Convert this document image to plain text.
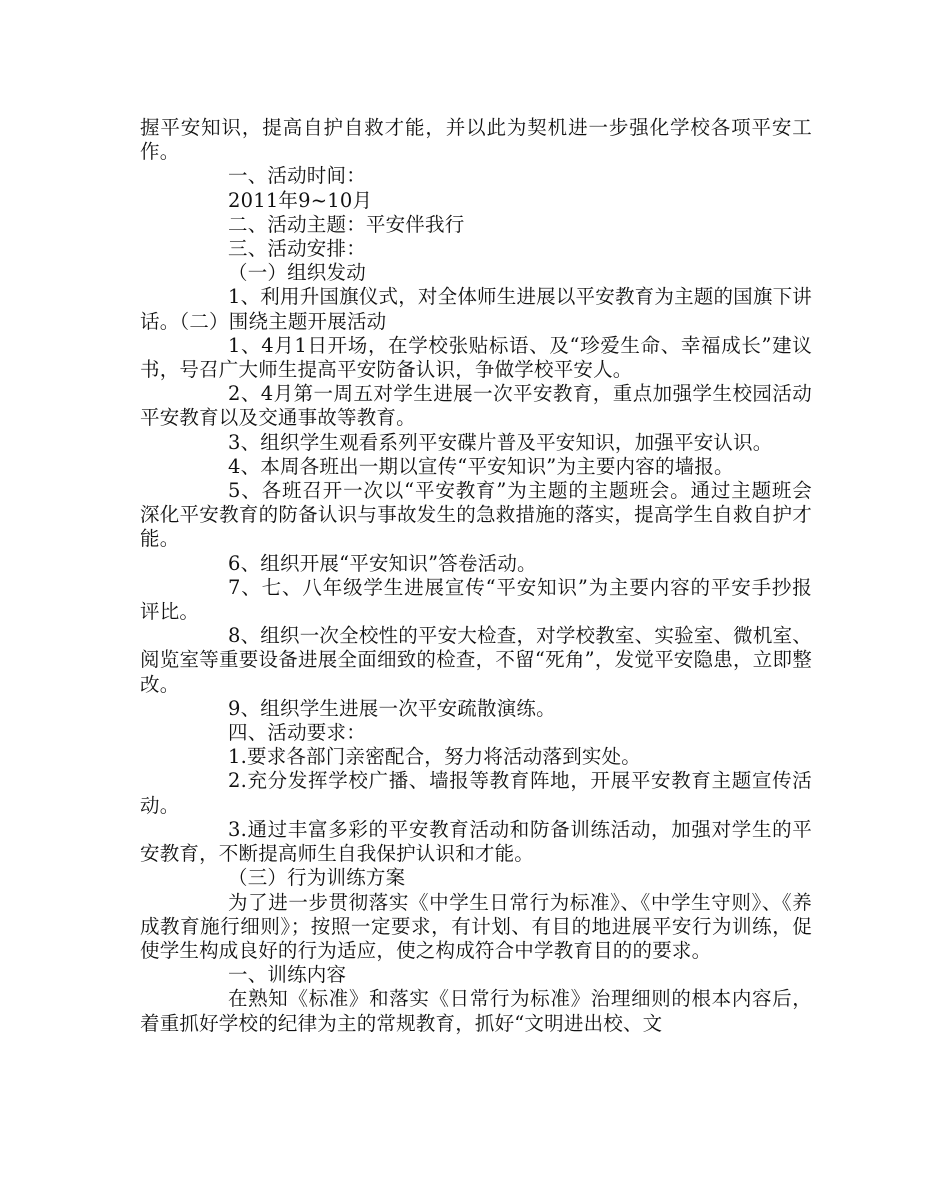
握平安知识，提高自护自救才能，并以此为契机进一步强化学校各项平安工作。

一、活动时间：

2011年9~10月

二、活动主题：平安伴我行

三、活动安排：

（一）组织发动

1、利用升国旗仪式，对全体师生进展以平安教育为主题的国旗下讲话。（二）围绕主题开展活动

1、4月1日开场，在学校张贴标语、及“珍爱生命、幸福成长”建议书，号召广大师生提高平安防备认识，争做学校平安人。

2、4月第一周五对学生进展一次平安教育，重点加强学生校园活动平安教育以及交通事故等教育。

3、组织学生观看系列平安碟片普及平安知识，加强平安认识。

4、本周各班出一期以宣传“平安知识”为主要内容的墙报。

5、各班召开一次以“平安教育”为主题的主题班会。通过主题班会深化平安教育的防备认识与事故发生的急救措施的落实，提高学生自救自护才能。

6、组织开展“平安知识”答卷活动。

7、七、八年级学生进展宣传“平安知识”为主要内容的平安手抄报评比。

8、组织一次全校性的平安大检查，对学校教室、实验室、微机室、阅览室等重要设备进展全面细致的检查，不留“死角”，发觉平安隐患，立即整改。

9、组织学生进展一次平安疏散演练。

四、活动要求：

1.要求各部门亲密配合，努力将活动落到实处。

2.充分发挥学校广播、墙报等教育阵地，开展平安教育主题宣传活动。

3.通过丰富多彩的平安教育活动和防备训练活动，加强对学生的平安教育，不断提高师生自我保护认识和才能。

（三）行为训练方案

为了进一步贯彻落实《中学生日常行为标准》、《中学生守则》、《养成教育施行细则》；按照一定要求，有计划、有目的地进展平安行为训练，促使学生构成良好的行为适应，使之构成符合中学教育目的的要求。

一、训练内容

在熟知《标准》和落实《日常行为标准》治理细则的根本内容后，着重抓好学校的纪律为主的常规教育，抓好“文明进出校、文
